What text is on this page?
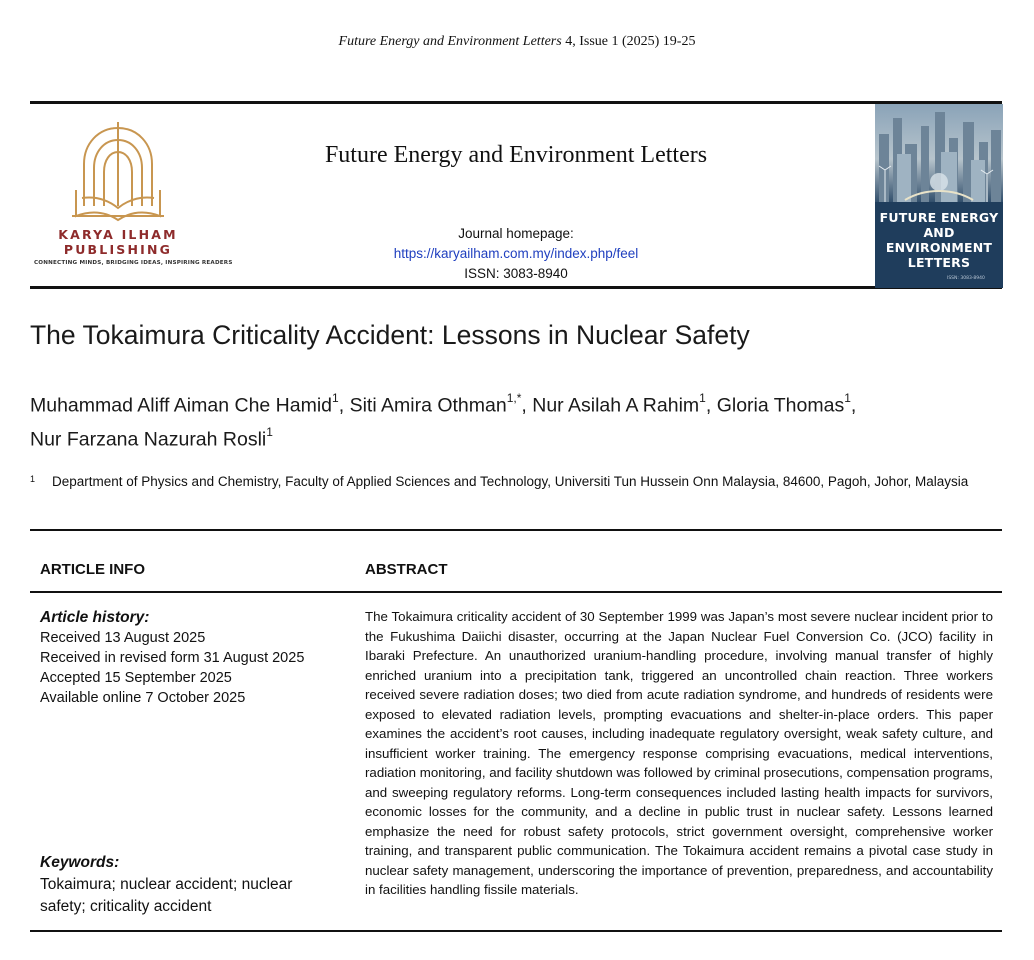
Future Energy and Environment Letters 4, Issue 1 (2025) 19-25
KARYA ILHAM
PUBLISHING
CONNECTING MINDS, BRIDGING IDEAS, INSPIRING READERS
Future Energy and Environment Letters
Journal homepage:
https://karyailham.com.my/index.php/feel
ISSN: 3083-8940
FUTURE ENERGY AND ENVIRONMENT LETTERS
ISSN: 3083-8940
The Tokaimura Criticality Accident: Lessons in Nuclear Safety
Muhammad Aliff Aiman Che Hamid$^1$, Siti Amira Othman$^{1,*}$, Nur Asilah A Rahim$^1$, Gloria Thomas$^1$,
Nur Farzana Nazurah Rosli$^1$
1 Department of Physics and Chemistry, Faculty of Applied Sciences and Technology, Universiti Tun Hussein Onn Malaysia, 84600, Pagoh, Johor, Malaysia
ARTICLE INFO	ABSTRACT
Article history:
Received 13 August 2025
Received in revised form 31 August 2025
Accepted 15 September 2025
Available online 7 October 2025
Keywords:
Tokaimura; nuclear accident; nuclear safety; criticality accident
The Tokaimura criticality accident of 30 September 1999 was Japan’s most severe nuclear incident prior to the Fukushima Daiichi disaster, occurring at the Japan Nuclear Fuel Conversion Co. (JCO) facility in Ibaraki Prefecture. An unauthorized uranium-handling procedure, involving manual transfer of highly enriched uranium into a precipitation tank, triggered an uncontrolled chain reaction. Three workers received severe radiation doses; two died from acute radiation syndrome, and hundreds of residents were exposed to elevated radiation levels, prompting evacuations and shelter-in-place orders. This paper examines the accident’s root causes, including inadequate regulatory oversight, weak safety culture, and insufficient worker training. The emergency response comprising evacuations, medical interventions, radiation monitoring, and facility shutdown was followed by criminal prosecutions, compensation programs, and sweeping regulatory reforms. Long-term consequences included lasting health impacts for survivors, economic losses for the community, and a decline in public trust in nuclear safety. Lessons learned emphasize the need for robust safety protocols, strict government oversight, comprehensive worker training, and transparent public communication. The Tokaimura accident remains a pivotal case study in nuclear safety management, underscoring the importance of prevention, preparedness, and accountability in facilities handling fissile materials.
